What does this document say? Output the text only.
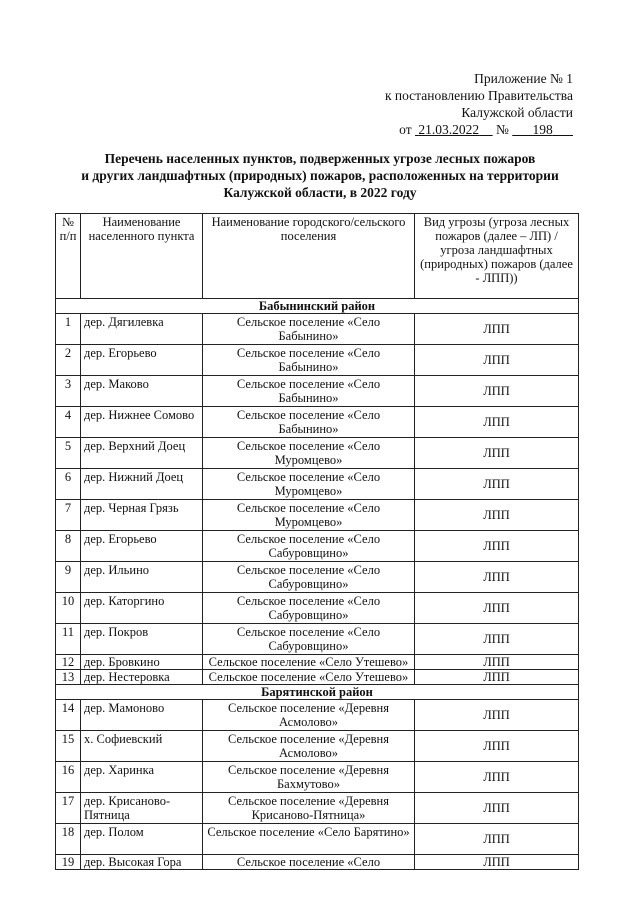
Приложение № 1
к постановлению Правительства
Калужской области
от 21.03.2022 № 198
Перечень населенных пунктов, подверженных угрозе лесных пожаров
и других ландшафтных (природных) пожаров, расположенных на территории
Калужской области, в 2022 году
№ п/п	Наименование населенного пункта	Наименование городского/сельского поселения	Вид угрозы (угроза лесных пожаров (далее – ЛП) / угроза ландшафтных (природных) пожаров (далее - ЛПП))
Бабынинский район			
1	дер. Дягилевка	Сельское поселение «Село Бабынино»	ЛПП
2	дер. Егорьево	Сельское поселение «Село Бабынино»	ЛПП
3	дер. Маково	Сельское поселение «Село Бабынино»	ЛПП
4	дер. Нижнее Сомово	Сельское поселение «Село Бабынино»	ЛПП
5	дер. Верхний Доец	Сельское поселение «Село Муромцево»	ЛПП
6	дер. Нижний Доец	Сельское поселение «Село Муромцево»	ЛПП
7	дер. Черная Грязь	Сельское поселение «Село Муромцево»	ЛПП
8	дер. Егорьево	Сельское поселение «Село Сабуровщино»	ЛПП
9	дер. Ильино	Сельское поселение «Село Сабуровщино»	ЛПП
10	дер. Каторгино	Сельское поселение «Село Сабуровщино»	ЛПП
11	дер. Покров	Сельское поселение «Село Сабуровщино»	ЛПП
12	дер. Бровкино	Сельское поселение «Село Утешево»	ЛПП
13	дер. Нестеровка	Сельское поселение «Село Утешево»	ЛПП
Барятинской район			
14	дер. Мамоново	Сельское поселение «Деревня Асмолово»	ЛПП
15	х. Софиевский	Сельское поселение «Деревня Асмолово»	ЛПП
16	дер. Харинка	Сельское поселение «Деревня Бахмутово»	ЛПП
17	дер. Крисаново-Пятница	Сельское поселение «Деревня Крисаново-Пятница»	ЛПП
18	дер. Полом	Сельское поселение «Село Барятино»	ЛПП
19	дер. Высокая Гора	Сельское поселение «Село	ЛПП
